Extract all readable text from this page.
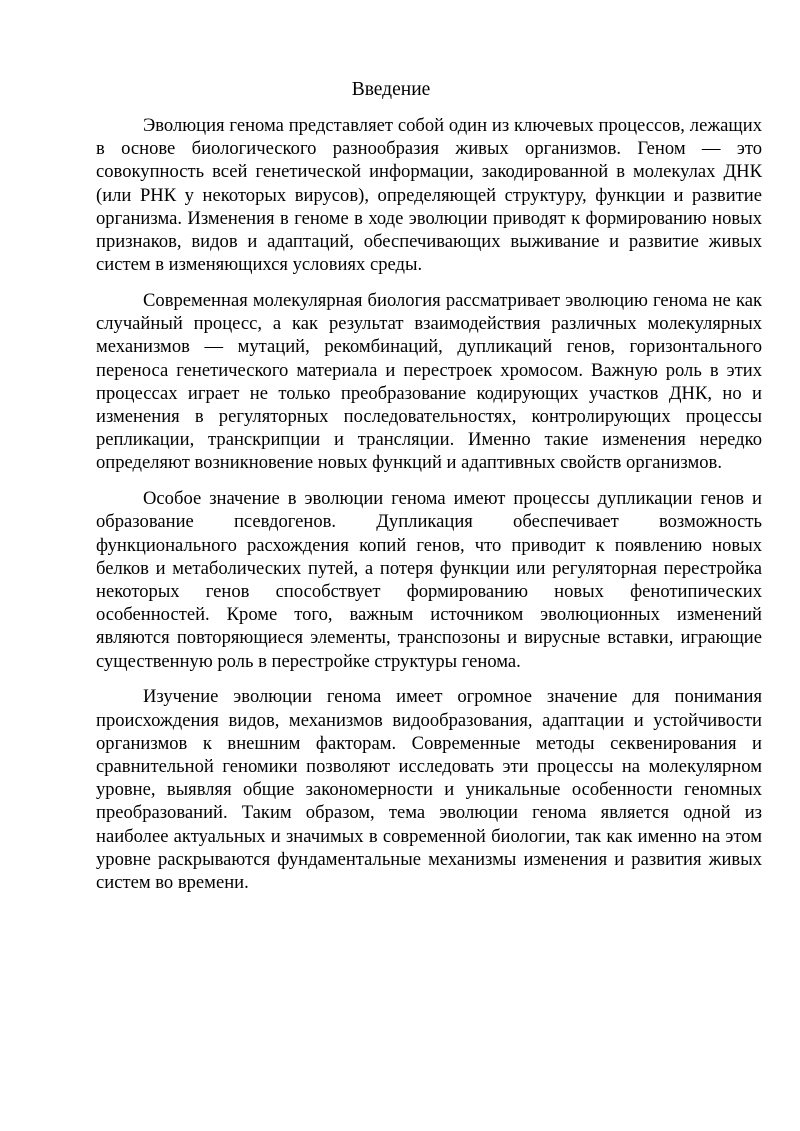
Введение

Эволюция генома представляет собой один из ключевых процессов, лежащих в основе биологического разнообразия живых организмов. Геном — это совокупность всей генетической информации, закодированной в молекулах ДНК (или РНК у некоторых вирусов), определяющей структуру, функции и развитие организма. Изменения в геноме в ходе эволюции приводят к формированию новых признаков, видов и адаптаций, обеспечивающих выживание и развитие живых систем в изменяющихся условиях среды.

Современная молекулярная биология рассматривает эволюцию генома не как случайный процесс, а как результат взаимодействия различных молекулярных механизмов — мутаций, рекомбинаций, дупликаций генов, горизонтального переноса генетического материала и перестроек хромосом. Важную роль в этих процессах играет не только преобразование кодирующих участков ДНК, но и изменения в регуляторных последовательностях, контролирующих процессы репликации, транскрипции и трансляции. Именно такие изменения нередко определяют возникновение новых функций и адаптивных свойств организмов.

Особое значение в эволюции генома имеют процессы дупликации генов и образование псевдогенов. Дупликация обеспечивает возможность функционального расхождения копий генов, что приводит к появлению новых белков и метаболических путей, а потеря функции или регуляторная перестройка некоторых генов способствует формированию новых фенотипических особенностей. Кроме того, важным источником эволюционных изменений являются повторяющиеся элементы, транспозоны и вирусные вставки, играющие существенную роль в перестройке структуры генома.

Изучение эволюции генома имеет огромное значение для понимания происхождения видов, механизмов видообразования, адаптации и устойчивости организмов к внешним факторам. Современные методы секвенирования и сравнительной геномики позволяют исследовать эти процессы на молекулярном уровне, выявляя общие закономерности и уникальные особенности геномных преобразований. Таким образом, тема эволюции генома является одной из наиболее актуальных и значимых в современной биологии, так как именно на этом уровне раскрываются фундаментальные механизмы изменения и развития живых систем во времени.
